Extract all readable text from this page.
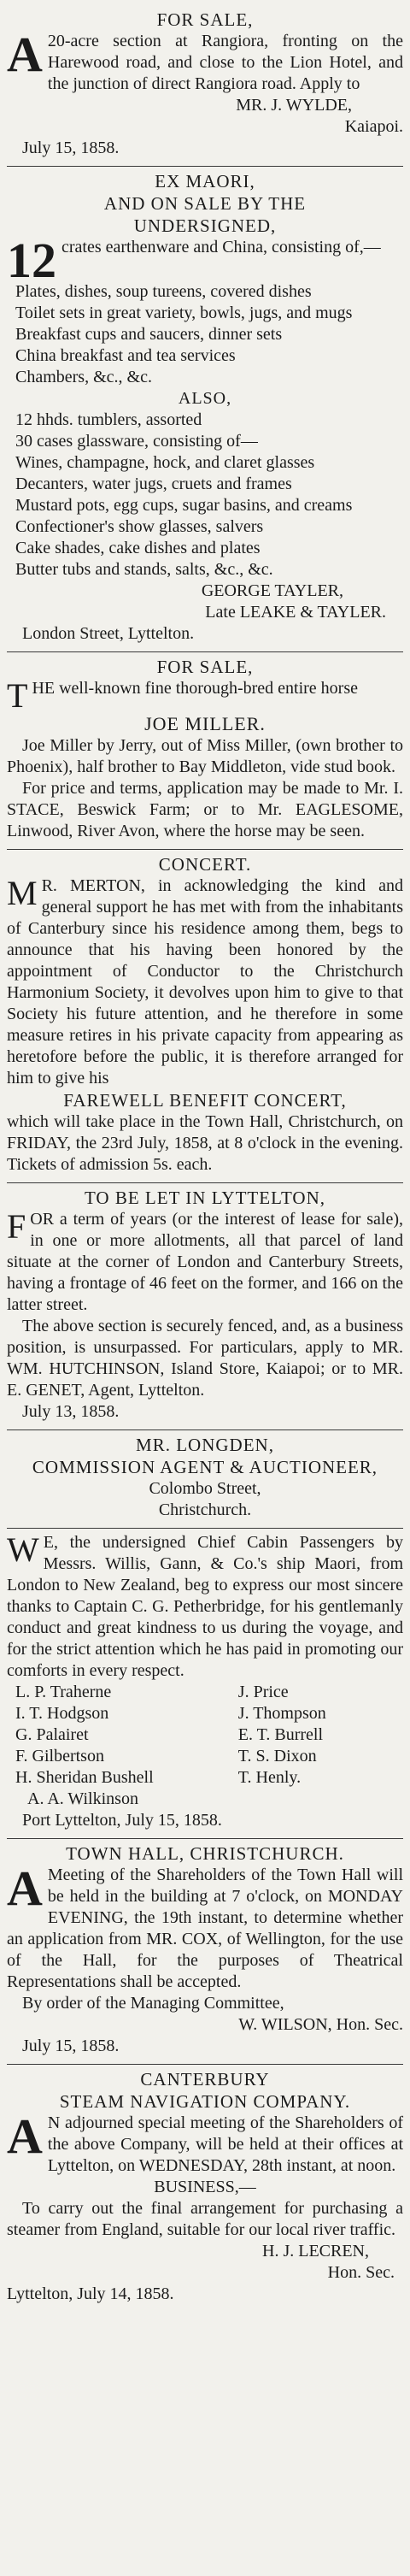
FOR SALE,
A 20-acre section at Rangiora, fronting on the Harewood road, and close to the Lion Hotel, and the junction of direct Rangiora road. Apply to

MR. J. WYLDE,
Kaiapoi.
July 15, 1858.
EX MAORI,
AND ON SALE BY THE
UNDERSIGNED,
12 crates earthenware and China, consisting of,—

Plates, dishes, soup tureens, covered dishes
Toilet sets in great variety, bowls, jugs, and mugs
Breakfast cups and saucers, dinner sets
China breakfast and tea services
Chambers, &c., &c.
ALSO,
12 hhds. tumblers, assorted
30 cases glassware, consisting of—
Wines, champagne, hock, and claret glasses
Decanters, water jugs, cruets and frames
Mustard pots, egg cups, sugar basins, and creams
Confectioner's show glasses, salvers
Cake shades, cake dishes and plates
Butter tubs and stands, salts, &c., &c.
GEORGE TAYLER,
Late LEAKE & TAYLER.
London Street, Lyttelton.
FOR SALE,
T HE well-known fine thorough-bred entire horse

JOE MILLER.

Joe Miller by Jerry, out of Miss Miller, (own brother to Phoenix), half brother to Bay Middleton, vide stud book.

For price and terms, application may be made to Mr. I. STACE, Beswick Farm; or to Mr. EAGLESOME, Linwood, River Avon, where the horse may be seen.

CONCERT.
M R. MERTON, in acknowledging the kind and general support he has met with from the inhabitants of Canterbury since his residence among them, begs to announce that his having been honored by the appointment of Conductor to the Christchurch Harmonium Society, it devolves upon him to give to that Society his future attention, and he therefore in some measure retires in his private capacity from appearing as heretofore before the public, it is therefore arranged for him to give his

FAREWELL BENEFIT CONCERT,

which will take place in the Town Hall, Christchurch, on FRIDAY, the 23rd July, 1858, at 8 o'clock in the evening. Tickets of admission 5s. each.

TO BE LET IN LYTTELTON,
F OR a term of years (or the interest of lease for sale), in one or more allotments, all that parcel of land situate at the corner of London and Canterbury Streets, having a frontage of 46 feet on the former, and 166 on the latter street.

The above section is securely fenced, and, as a business position, is unsurpassed. For particulars, apply to MR. WM. HUTCHINSON, Island Store, Kaiapoi; or to MR. E. GENET, Agent, Lyttelton.

July 13, 1858.
MR. LONGDEN,
COMMISSION AGENT & AUCTIONEER,
Colombo Street,
Christchurch.
W E, the undersigned Chief Cabin Passengers by Messrs. Willis, Gann, & Co.'s ship Maori, from London to New Zealand, beg to express our most sincere thanks to Captain C. G. Petherbridge, for his gentlemanly conduct and great kindness to us during the voyage, and for the strict attention which he has paid in promoting our comforts in every respect.

L. P. Traherne	J. Price
I. T. Hodgson	J. Thompson
G. Palairet	E. T. Burrell
F. Gilbertson	T. S. Dixon
H. Sheridan Bushell	T. Henly.
A. A. Wilkinson
Port Lyttelton, July 15, 1858.
TOWN HALL, CHRISTCHURCH.
A Meeting of the Shareholders of the Town Hall will be held in the building at 7 o'clock, on MONDAY EVENING, the 19th instant, to determine whether an application from MR. COX, of Wellington, for the use of the Hall, for the purposes of Theatrical Representations shall be accepted.

By order of the Managing Committee,
W. WILSON, Hon. Sec.
July 15, 1858.
CANTERBURY
STEAM NAVIGATION COMPANY.
A N adjourned special meeting of the Shareholders of the above Company, will be held at their offices at Lyttelton, on WEDNESDAY, 28th instant, at noon.

BUSINESS,—

To carry out the final arrangement for purchasing a steamer from England, suitable for our local river traffic.

H. J. LECREN,
Hon. Sec.
Lyttelton, July 14, 1858.
